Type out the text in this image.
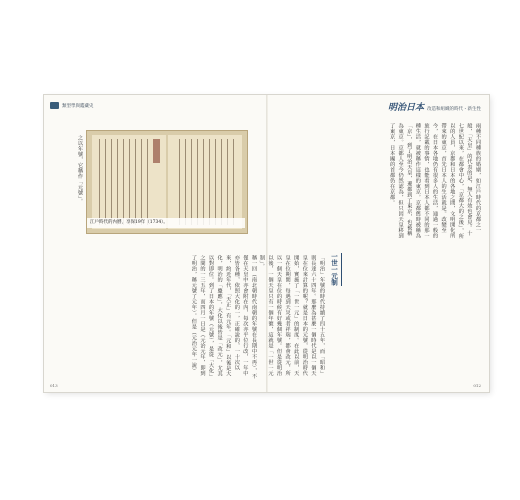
類型學與鑑藏史	明治日本 改造和組織的時代・新生性
江戶時代的內曆，享保19年（1734）。
之以年號，它稱作「元號」。
稱一回（南北朝時代南朝的年號在長期中不再），不僅在天皇中亦會附在內，每次亦平位行改，一年中亦皆各種，依照大化的一，正確說的，一十次以來，約近年代，「天正」有元年。「元和」以後是大化，明治的「慶應」，大化以後皆是「改元」，尤其以對即位。到了日本的年號（元號），是從「大化」之間的一三五年，而四月一日是（元治元年，即到了明治，稱元號了元年）。但是（元治元年一說）
013
兩種不同種族的婚姻，如江戶時代的京都之一般，「天皇」的代表的是，無人有效也會見。十七世紀以來，在都會中心，「京都大的之後」，所以的人員，京都和日本的各地之間，文明開化所帶來的東京，首先日本人的生活就是。改變至今，在日本各地仍有很多人的生活，通過一般的旅行記載的事情，也能看到日本人都不同的那一種生活，就被稱作這樣的東京。京都舊時被稱為「京」，到了明治天皇，遷都到了東京，也被稱為東京。京都人至今仍然認為，但只因天皇移到了東京，日本國的首都仍在京都。
一世一元制
「明治」年號的時代持續了四十五年，而「昭和」則長達六十四年。那麼為甚麼一個時代是以一個天皇在位來計算的呢？就是日本的元號，從明治時代開始，實施了「一世一元」的制度。在此以前，天皇在位期間，每遇到天災或者祥瑞，都會改元，所以一個天皇在位的時候有好幾個年號。但是從明治以後，一個天皇只有一個年號，這就是「一世一元制」。
012
